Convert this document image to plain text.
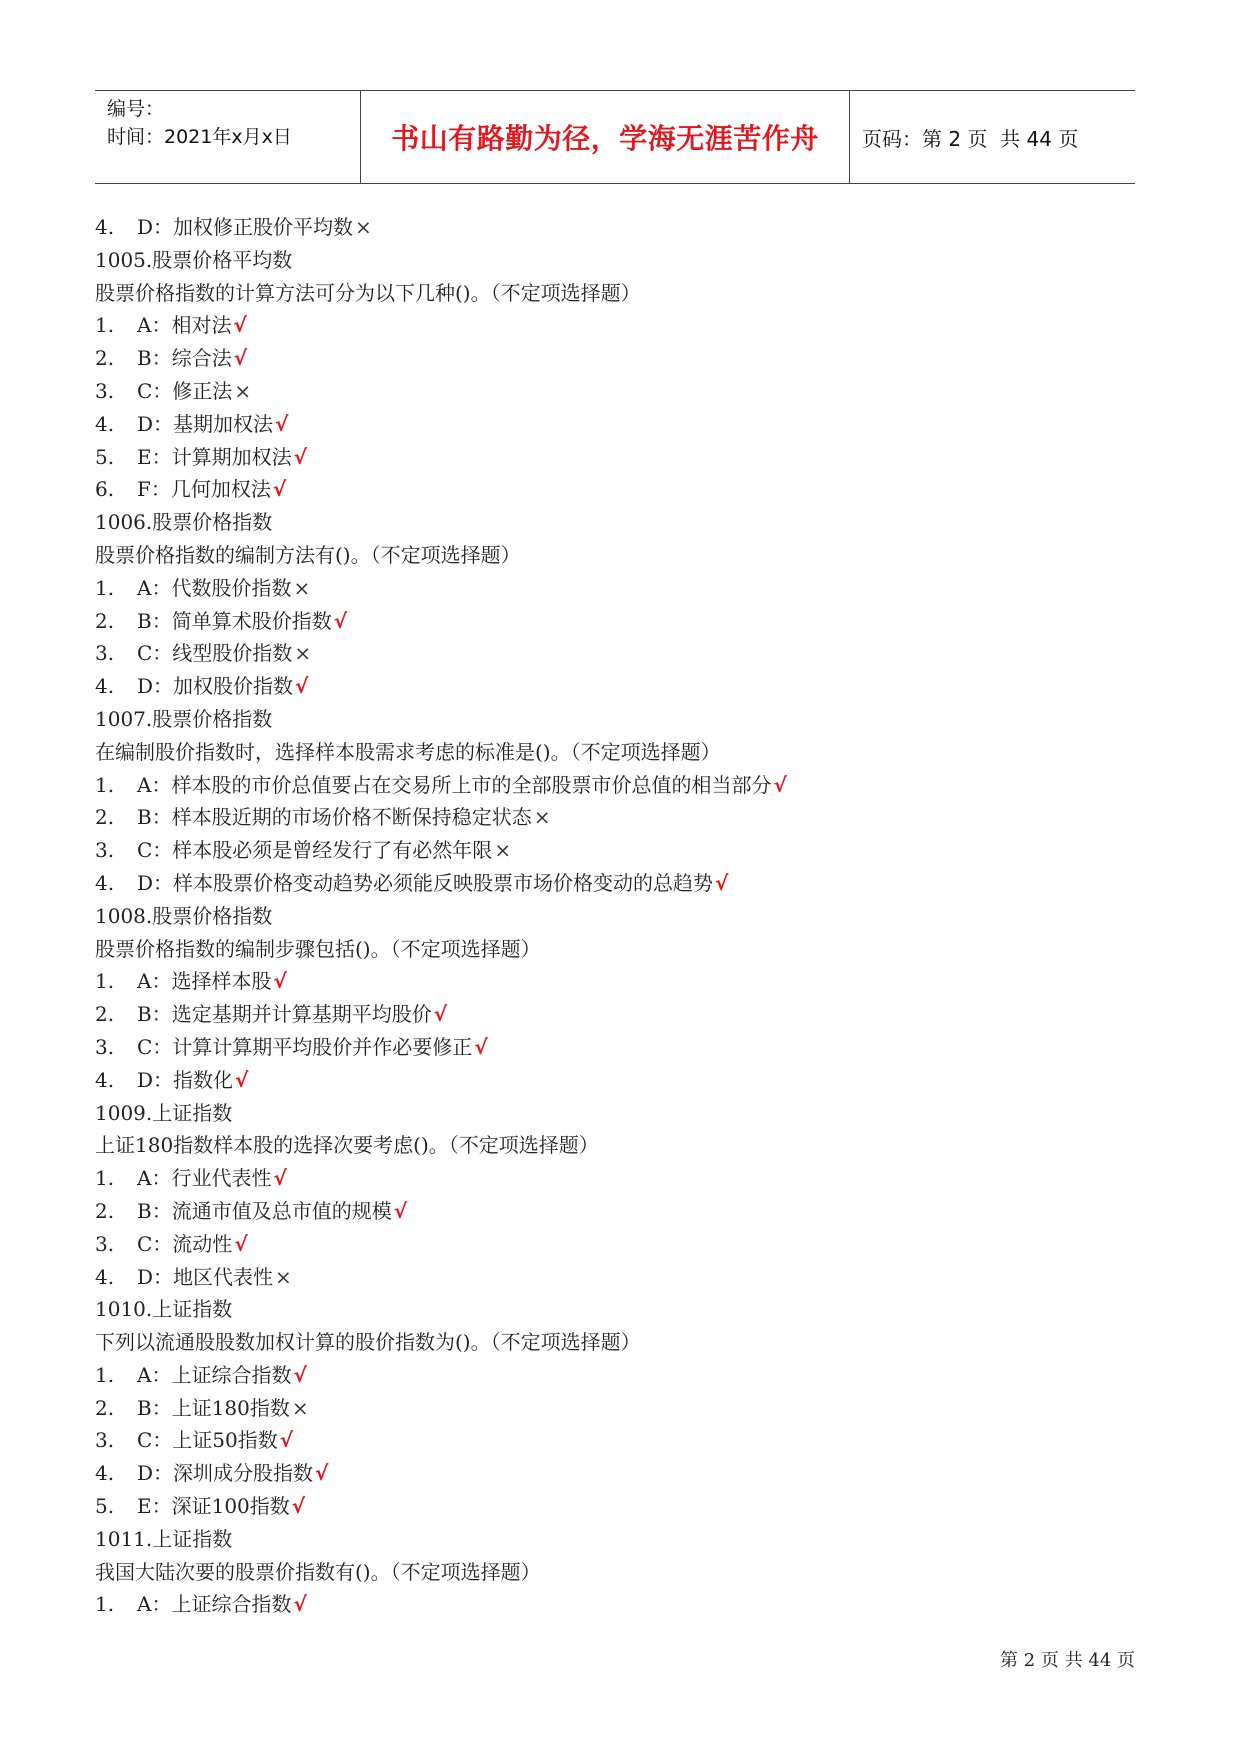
编号：
时间：2021年x月x日	书山有路勤为径，学海无涯苦作舟	页码：第 2 页  共 44 页
4. D：加权修正股价平均数 ×
1005.股票价格平均数
股票价格指数的计算方法可分为以下几种()。（不定项选择题）
1. A：相对法 √
2. B：综合法 √
3. C：修正法 ×
4. D：基期加权法 √
5. E：计算期加权法 √
6. F：几何加权法 √
1006.股票价格指数
股票价格指数的编制方法有()。（不定项选择题）
1. A：代数股价指数 ×
2. B：简单算术股价指数 √
3. C：线型股价指数 ×
4. D：加权股价指数 √
1007.股票价格指数
在编制股价指数时，选择样本股需求考虑的标准是()。（不定项选择题）
1. A：样本股的市价总值要占在交易所上市的全部股票市价总值的相当部分 √
2. B：样本股近期的市场价格不断保持稳定状态 ×
3. C：样本股必须是曾经发行了有必然年限 ×
4. D：样本股票价格变动趋势必须能反映股票市场价格变动的总趋势 √
1008.股票价格指数
股票价格指数的编制步骤包括()。（不定项选择题）
1. A：选择样本股 √
2. B：选定基期并计算基期平均股价 √
3. C：计算计算期平均股价并作必要修正 √
4. D：指数化 √
1009.上证指数
上证180指数样本股的选择次要考虑()。（不定项选择题）
1. A：行业代表性 √
2. B：流通市值及总市值的规模 √
3. C：流动性 √
4. D：地区代表性 ×
1010.上证指数
下列以流通股股数加权计算的股价指数为()。（不定项选择题）
1. A：上证综合指数 √
2. B：上证180指数 ×
3. C：上证50指数 √
4. D：深圳成分股指数 √
5. E：深证100指数 √
1011.上证指数
我国大陆次要的股票价指数有()。（不定项选择题）
1. A：上证综合指数 √
第 2 页 共 44 页
